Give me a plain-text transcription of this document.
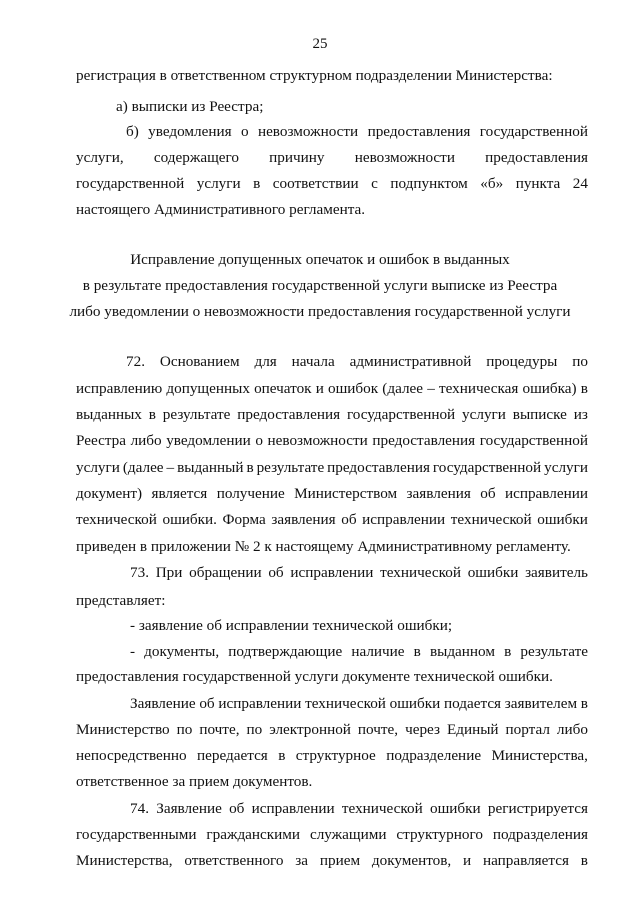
25
регистрация в ответственном структурном подразделении Министерства:
а) выписки из Реестра;
б) уведомления о невозможности предоставления государственной
услуги, содержащего причину невозможности предоставления
государственной услуги в соответствии с подпунктом «б» пункта 24
настоящего Административного регламента.
Исправление допущенных опечаток и ошибок в выданных
в результате предоставления государственной услуги выписке из Реестра
либо уведомлении о невозможности предоставления государственной услуги
72. Основанием для начала административной процедуры по
исправлению допущенных опечаток и ошибок (далее – техническая ошибка) в
выданных в результате предоставления государственной услуги выписке из
Реестра либо уведомлении о невозможности предоставления государственной
услуги (далее – выданный в результате предоставления государственной услуги
документ) является получение Министерством заявления об исправлении
технической ошибки. Форма заявления об исправлении технической ошибки
приведен в приложении № 2 к настоящему Административному регламенту.
73. При обращении об исправлении технической ошибки заявитель
представляет:
- заявление об исправлении технической ошибки;
- документы, подтверждающие наличие в выданном в результате
предоставления государственной услуги документе технической ошибки.
Заявление об исправлении технической ошибки подается заявителем в
Министерство по почте, по электронной почте, через Единый портал либо
непосредственно передается в структурное подразделение Министерства,
ответственное за прием документов.
74. Заявление об исправлении технической ошибки регистрируется
государственными гражданскими служащими структурного подразделения
Министерства, ответственного за прием документов, и направляется в
